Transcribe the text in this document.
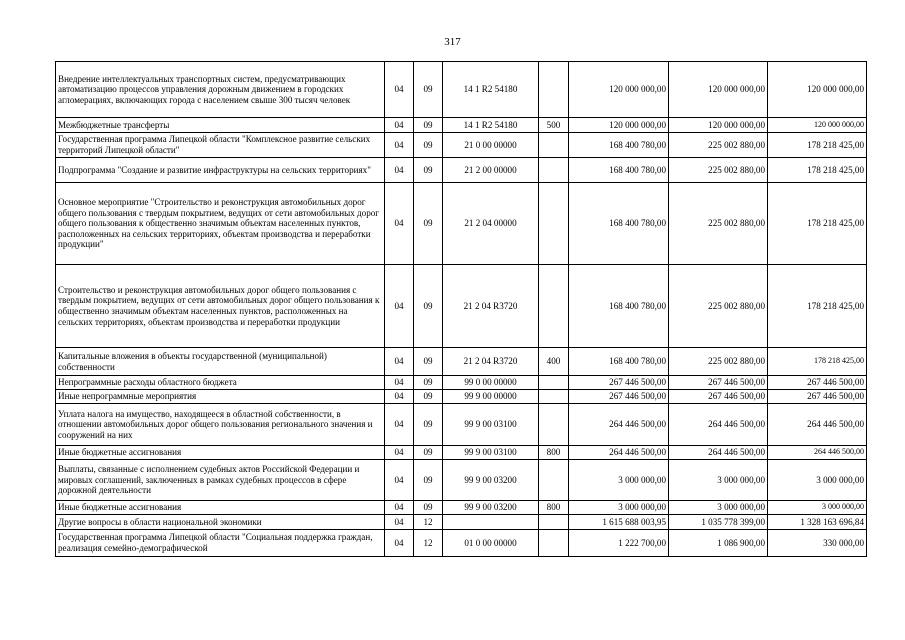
317
Внедрение интеллектуальных транспортных систем, предусматривающих автоматизацию процессов управления дорожным движением в городских агломерациях, включающих города с населением свыше 300 тысяч человек	04	09	14 1 R2 54180		120 000 000,00	120 000 000,00	120 000 000,00
Межбюджетные трансферты	04	09	14 1 R2 54180	500	120 000 000,00	120 000 000,00	120 000 000,00
Государственная программа Липецкой области "Комплексное развитие сельских территорий Липецкой области"	04	09	21 0 00 00000		168 400 780,00	225 002 880,00	178 218 425,00
Подпрограмма "Создание и развитие инфраструктуры на сельских территориях"	04	09	21 2 00 00000		168 400 780,00	225 002 880,00	178 218 425,00
Основное мероприятие "Строительство и реконструкция автомобильных дорог общего пользования с твердым покрытием, ведущих от сети автомобильных дорог общего пользования к общественно значимым объектам населенных пунктов, расположенных на сельских территориях, объектам производства и переработки продукции"	04	09	21 2 04 00000		168 400 780,00	225 002 880,00	178 218 425,00
Строительство и реконструкция автомобильных дорог общего пользования с твердым покрытием, ведущих от сети автомобильных дорог общего пользования к общественно значимым объектам населенных пунктов, расположенных на сельских территориях, объектам производства и переработки продукции	04	09	21 2 04 R3720		168 400 780,00	225 002 880,00	178 218 425,00
Капитальные вложения в объекты государственной (муниципальной) собственности	04	09	21 2 04 R3720	400	168 400 780,00	225 002 880,00	178 218 425,00
Непрограммные расходы областного бюджета	04	09	99 0 00 00000		267 446 500,00	267 446 500,00	267 446 500,00
Иные непрограммные мероприятия	04	09	99 9 00 00000		267 446 500,00	267 446 500,00	267 446 500,00
Уплата налога на имущество, находящееся в областной собственности, в отношении автомобильных дорог общего пользования регионального значения и сооружений на них	04	09	99 9 00 03100		264 446 500,00	264 446 500,00	264 446 500,00
Иные бюджетные ассигнования	04	09	99 9 00 03100	800	264 446 500,00	264 446 500,00	264 446 500,00
Выплаты, связанные с исполнением судебных актов Российской Федерации и мировых соглашений, заключенных в рамках судебных процессов в сфере дорожной деятельности	04	09	99 9 00 03200		3 000 000,00	3 000 000,00	3 000 000,00
Иные бюджетные ассигнования	04	09	99 9 00 03200	800	3 000 000,00	3 000 000,00	3 000 000,00
Другие вопросы в области национальной экономики	04	12			1 615 688 003,95	1 035 778 399,00	1 328 163 696,84
Государственная программа Липецкой области "Социальная поддержка граждан, реализация семейно-демографической	04	12	01 0 00 00000		1 222 700,00	1 086 900,00	330 000,00
